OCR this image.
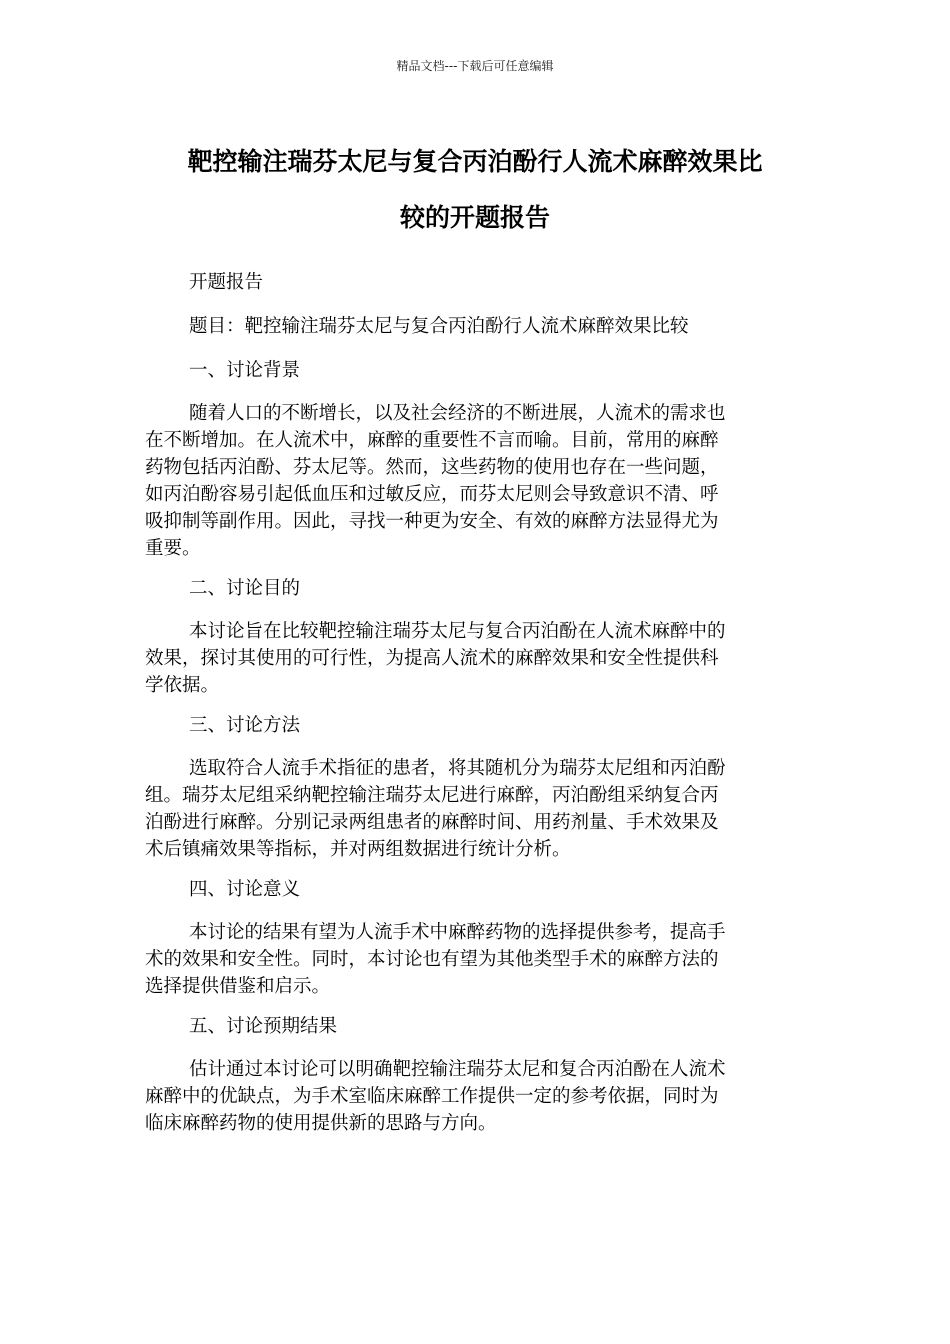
精品文档---下载后可任意编辑
靶控输注瑞芬太尼与复合丙泊酚行人流术麻醉效果比
较的开题报告

开题报告

题目：靶控输注瑞芬太尼与复合丙泊酚行人流术麻醉效果比较

一、讨论背景

随着人口的不断增长，以及社会经济的不断进展，人流术的需求也

在不断增加。在人流术中，麻醉的重要性不言而喻。目前，常用的麻醉

药物包括丙泊酚、芬太尼等。然而，这些药物的使用也存在一些问题，

如丙泊酚容易引起低血压和过敏反应，而芬太尼则会导致意识不清、呼

吸抑制等副作用。因此，寻找一种更为安全、有效的麻醉方法显得尤为

重要。

二、讨论目的

本讨论旨在比较靶控输注瑞芬太尼与复合丙泊酚在人流术麻醉中的

效果，探讨其使用的可行性，为提高人流术的麻醉效果和安全性提供科

学依据。

三、讨论方法

选取符合人流手术指征的患者，将其随机分为瑞芬太尼组和丙泊酚

组。瑞芬太尼组采纳靶控输注瑞芬太尼进行麻醉，丙泊酚组采纳复合丙

泊酚进行麻醉。分别记录两组患者的麻醉时间、用药剂量、手术效果及

术后镇痛效果等指标，并对两组数据进行统计分析。

四、讨论意义

本讨论的结果有望为人流手术中麻醉药物的选择提供参考，提高手

术的效果和安全性。同时，本讨论也有望为其他类型手术的麻醉方法的

选择提供借鉴和启示。

五、讨论预期结果

估计通过本讨论可以明确靶控输注瑞芬太尼和复合丙泊酚在人流术

麻醉中的优缺点，为手术室临床麻醉工作提供一定的参考依据，同时为

临床麻醉药物的使用提供新的思路与方向。
